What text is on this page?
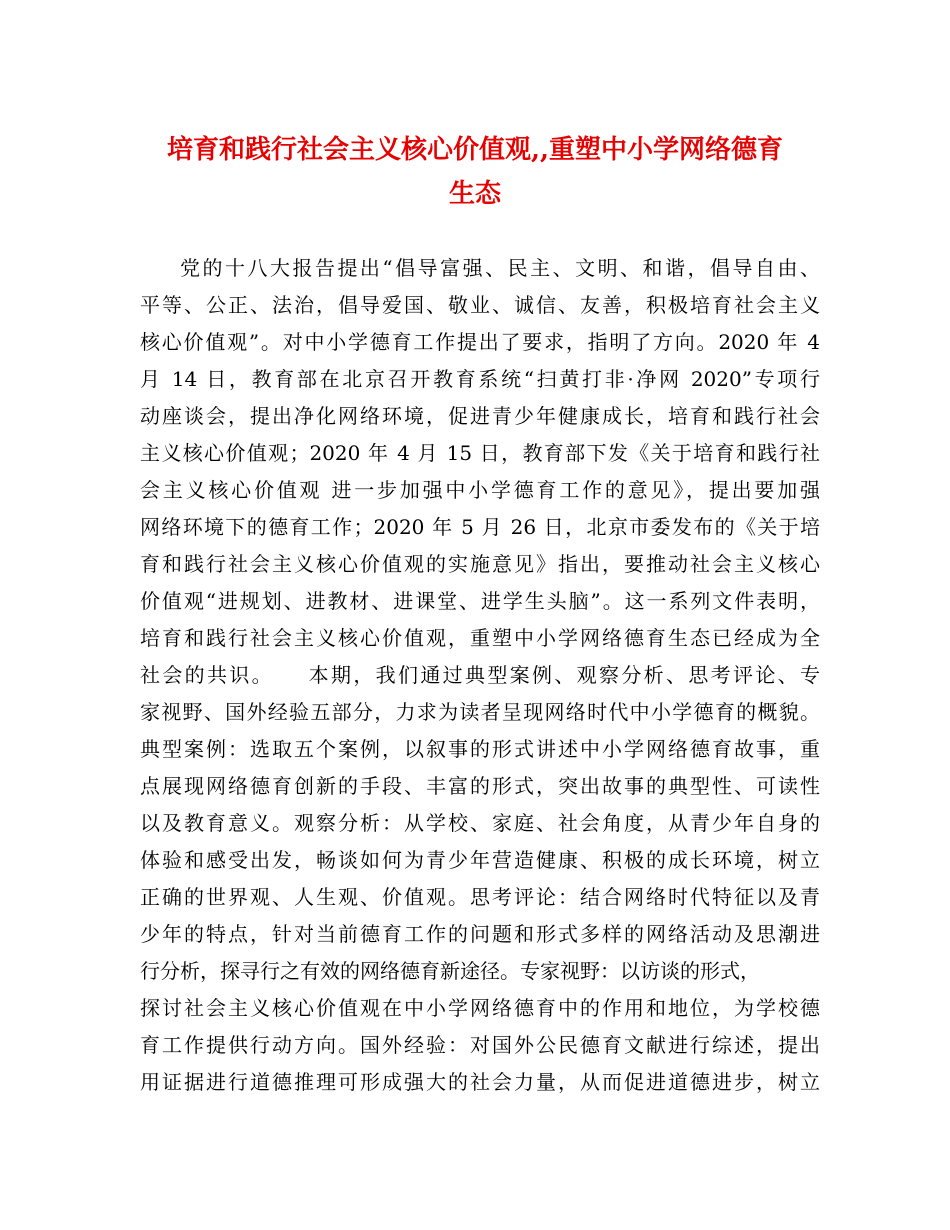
培育和践行社会主义核心价值观,,重塑中小学网络德育
生态
党的十八大报告提出“倡导富强、民主、文明、和谐，倡导自由、
平等、公正、法治，倡导爱国、敬业、诚信、友善，积极培育社会主义
核心价值观”。对中小学德育工作提出了要求，指明了方向。2020 年 4
月 14 日，教育部在北京召开教育系统“扫黄打非·净网 2020”专项行
动座谈会，提出净化网络环境，促进青少年健康成长，培育和践行社会
主义核心价值观；2020 年 4 月 15 日，教育部下发《关于培育和践行社
会主义核心价值观 进一步加强中小学德育工作的意见》，提出要加强
网络环境下的德育工作；2020 年 5 月 26 日，北京市委发布的《关于培
育和践行社会主义核心价值观的实施意见》指出，要推动社会主义核心
价值观“进规划、进教材、进课堂、进学生头脑”。这一系列文件表明，
培育和践行社会主义核心价值观，重塑中小学网络德育生态已经成为全
社会的共识。　　本期，我们通过典型案例、观察分析、思考评论、专
家视野、国外经验五部分，力求为读者呈现网络时代中小学德育的概貌。
典型案例：选取五个案例，以叙事的形式讲述中小学网络德育故事，重
点展现网络德育创新的手段、丰富的形式，突出故事的典型性、可读性
以及教育意义。观察分析：从学校、家庭、社会角度，从青少年自身的
体验和感受出发，畅谈如何为青少年营造健康、积极的成长环境，树立
正确的世界观、人生观、价值观。思考评论：结合网络时代特征以及青
少年的特点，针对当前德育工作的问题和形式多样的网络活动及思潮进
行分析，探寻行之有效的网络德育新途径。专家视野：以访谈的形式，
探讨社会主义核心价值观在中小学网络德育中的作用和地位，为学校德
育工作提供行动方向。国外经验：对国外公民德育文献进行综述，提出
用证据进行道德推理可形成强大的社会力量，从而促进道德进步，树立
